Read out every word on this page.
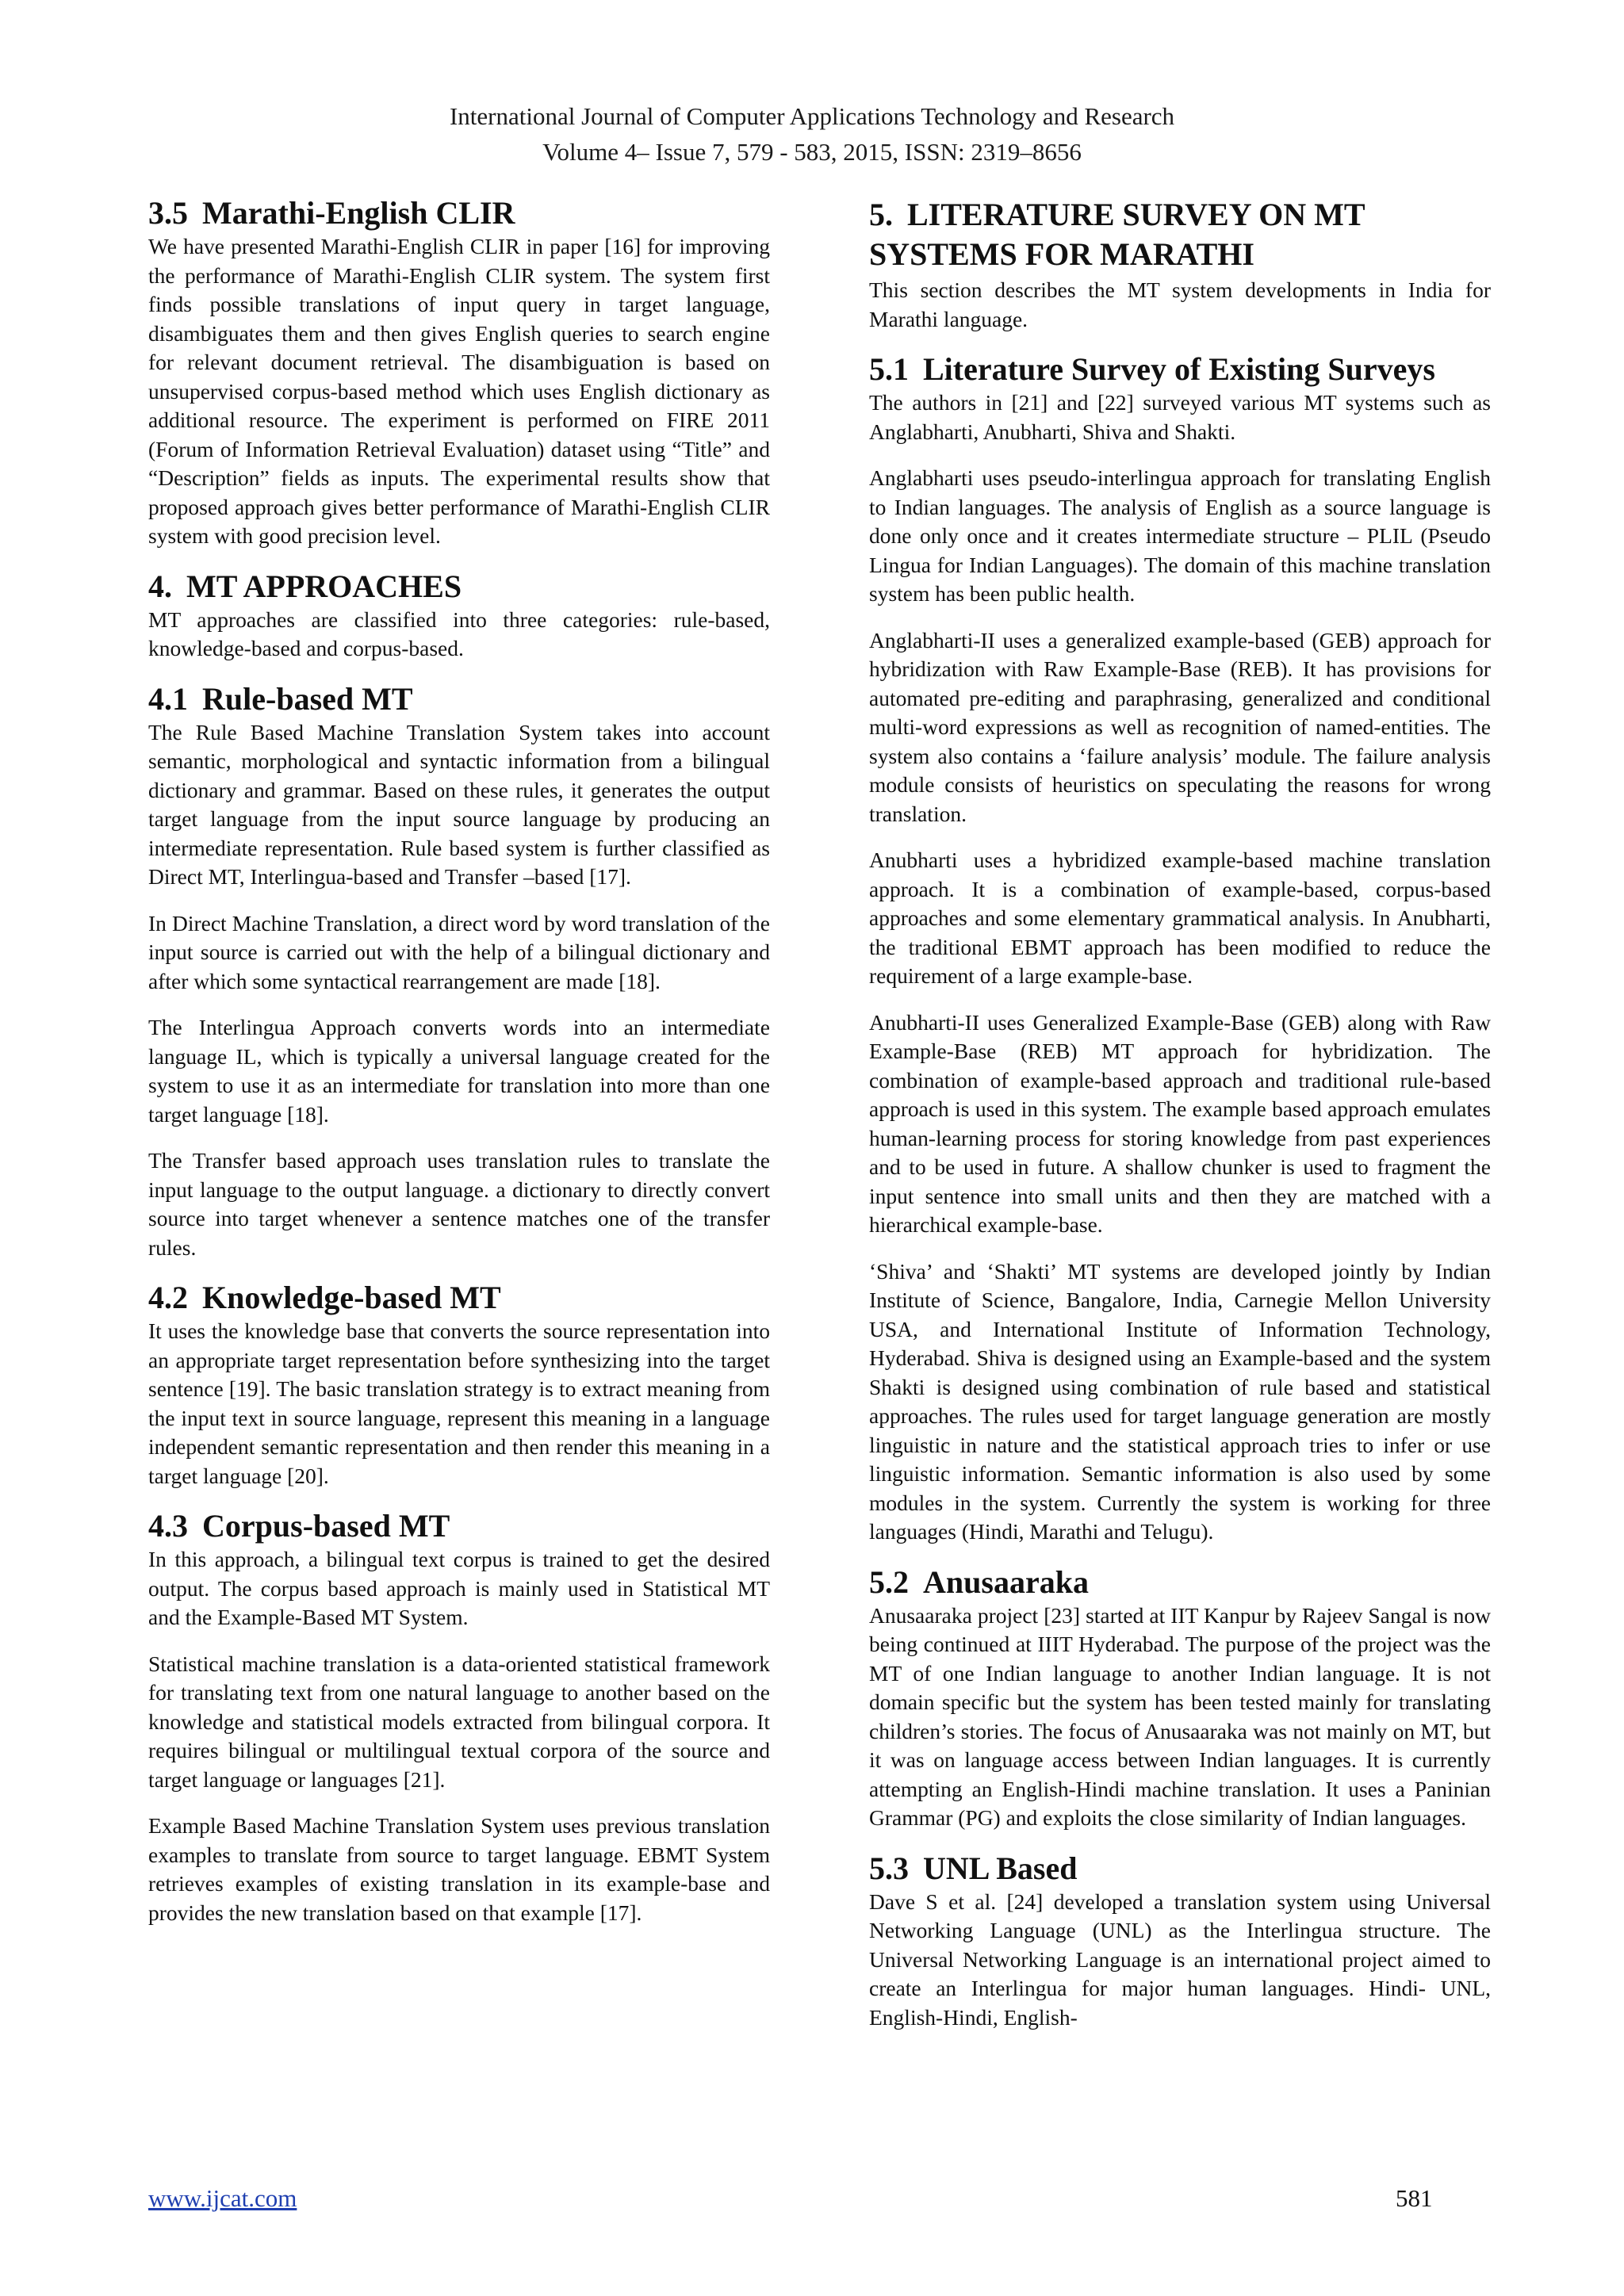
International Journal of Computer Applications Technology and Research
Volume 4– Issue 7, 579 - 583, 2015, ISSN: 2319–8656
3.5 Marathi-English CLIR

We have presented Marathi-English CLIR in paper [16] for improving the performance of Marathi-English CLIR system. The system first finds possible translations of input query in target language, disambiguates them and then gives English queries to search engine for relevant document retrieval. The disambiguation is based on unsupervised corpus-based method which uses English dictionary as additional resource. The experiment is performed on FIRE 2011 (Forum of Information Retrieval Evaluation) dataset using “Title” and “Description” fields as inputs. The experimental results show that proposed approach gives better performance of Marathi-English CLIR system with good precision level.

4. MT APPROACHES

MT approaches are classified into three categories: rule-based, knowledge-based and corpus-based.

4.1 Rule-based MT

The Rule Based Machine Translation System takes into account semantic, morphological and syntactic information from a bilingual dictionary and grammar. Based on these rules, it generates the output target language from the input source language by producing an intermediate representation. Rule based system is further classified as Direct MT, Interlingua-based and Transfer –based [17].

In Direct Machine Translation, a direct word by word translation of the input source is carried out with the help of a bilingual dictionary and after which some syntactical rearrangement are made [18].

The Interlingua Approach converts words into an intermediate language IL, which is typically a universal language created for the system to use it as an intermediate for translation into more than one target language [18].

The Transfer based approach uses translation rules to translate the input language to the output language. a dictionary to directly convert source into target whenever a sentence matches one of the transfer rules.

4.2 Knowledge-based MT

It uses the knowledge base that converts the source representation into an appropriate target representation before synthesizing into the target sentence [19]. The basic translation strategy is to extract meaning from the input text in source language, represent this meaning in a language independent semantic representation and then render this meaning in a target language [20].

4.3 Corpus-based MT

In this approach, a bilingual text corpus is trained to get the desired output. The corpus based approach is mainly used in Statistical MT and the Example-Based MT System.

Statistical machine translation is a data-oriented statistical framework for translating text from one natural language to another based on the knowledge and statistical models extracted from bilingual corpora. It requires bilingual or multilingual textual corpora of the source and target language or languages [21].

Example Based Machine Translation System uses previous translation examples to translate from source to target language. EBMT System retrieves examples of existing translation in its example-base and provides the new translation based on that example [17].

5. LITERATURE SURVEY ON MT SYSTEMS FOR MARATHI

This section describes the MT system developments in India for Marathi language.

5.1 Literature Survey of Existing Surveys

The authors in [21] and [22] surveyed various MT systems such as Anglabharti, Anubharti, Shiva and Shakti.

Anglabharti uses pseudo-interlingua approach for translating English to Indian languages. The analysis of English as a source language is done only once and it creates intermediate structure – PLIL (Pseudo Lingua for Indian Languages). The domain of this machine translation system has been public health.

Anglabharti-II uses a generalized example-based (GEB) approach for hybridization with Raw Example-Base (REB). It has provisions for automated pre-editing and paraphrasing, generalized and conditional multi-word expressions as well as recognition of named-entities. The system also contains a ‘failure analysis’ module. The failure analysis module consists of heuristics on speculating the reasons for wrong translation.

Anubharti uses a hybridized example-based machine translation approach. It is a combination of example-based, corpus-based approaches and some elementary grammatical analysis. In Anubharti, the traditional EBMT approach has been modified to reduce the requirement of a large example-base.

Anubharti-II uses Generalized Example-Base (GEB) along with Raw Example-Base (REB) MT approach for hybridization. The combination of example-based approach and traditional rule-based approach is used in this system. The example based approach emulates human-learning process for storing knowledge from past experiences and to be used in future. A shallow chunker is used to fragment the input sentence into small units and then they are matched with a hierarchical example-base.

‘Shiva’ and ‘Shakti’ MT systems are developed jointly by Indian Institute of Science, Bangalore, India, Carnegie Mellon University USA, and International Institute of Information Technology, Hyderabad. Shiva is designed using an Example-based and the system Shakti is designed using combination of rule based and statistical approaches. The rules used for target language generation are mostly linguistic in nature and the statistical approach tries to infer or use linguistic information. Semantic information is also used by some modules in the system. Currently the system is working for three languages (Hindi, Marathi and Telugu).

5.2 Anusaaraka

Anusaaraka project [23] started at IIT Kanpur by Rajeev Sangal is now being continued at IIIT Hyderabad. The purpose of the project was the MT of one Indian language to another Indian language. It is not domain specific but the system has been tested mainly for translating children’s stories. The focus of Anusaaraka was not mainly on MT, but it was on language access between Indian languages. It is currently attempting an English-Hindi machine translation. It uses a Paninian Grammar (PG) and exploits the close similarity of Indian languages.

5.3 UNL Based

Dave S et al. [24] developed a translation system using Universal Networking Language (UNL) as the Interlingua structure. The Universal Networking Language is an international project aimed to create an Interlingua for major human languages. Hindi- UNL, English-Hindi, English-

www.ijcat.com	581
